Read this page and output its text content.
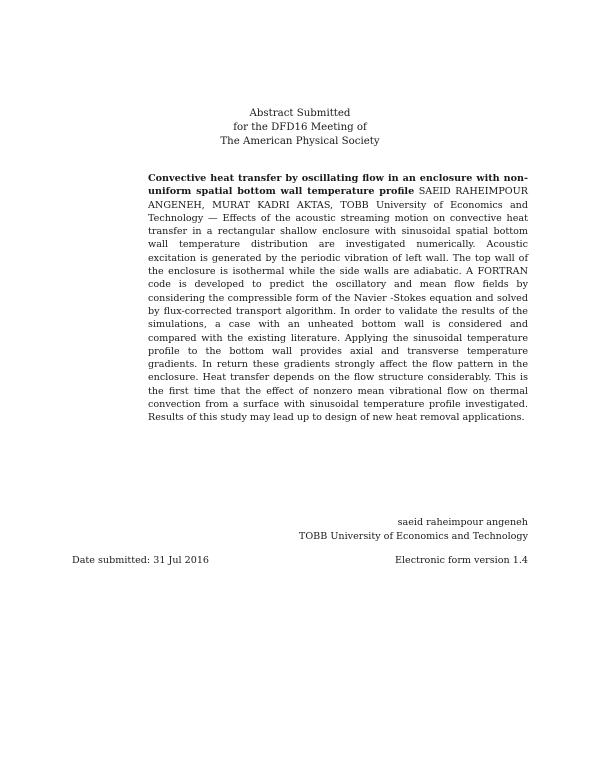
Abstract Submitted
for the DFD16 Meeting of
The American Physical Society
Convective heat transfer by oscillating flow in an enclosure with non-uniform spatial bottom wall temperature profile SAEID RAHEIMPOUR ANGENEH, MURAT KADRI AKTAS, TOBB University of Economics and Technology — Effects of the acoustic streaming motion on convective heat transfer in a rectangular shallow enclosure with sinusoidal spatial bottom wall temperature distribution are investigated numerically. Acoustic excitation is generated by the periodic vibration of left wall. The top wall of the enclosure is isothermal while the side walls are adiabatic. A FORTRAN code is developed to predict the oscillatory and mean flow fields by considering the compressible form of the Navier -Stokes equation and solved by flux-corrected transport algorithm. In order to validate the results of the simulations, a case with an unheated bottom wall is considered and compared with the existing literature. Applying the sinusoidal temperature profile to the bottom wall provides axial and transverse temperature gradients. In return these gradients strongly affect the flow pattern in the enclosure. Heat transfer depends on the flow structure considerably. This is the first time that the effect of nonzero mean vibrational flow on thermal convection from a surface with sinusoidal temperature profile investigated. Results of this study may lead up to design of new heat removal applications.
saeid raheimpour angeneh
TOBB University of Economics and Technology
Date submitted: 31 Jul 2016	Electronic form version 1.4
